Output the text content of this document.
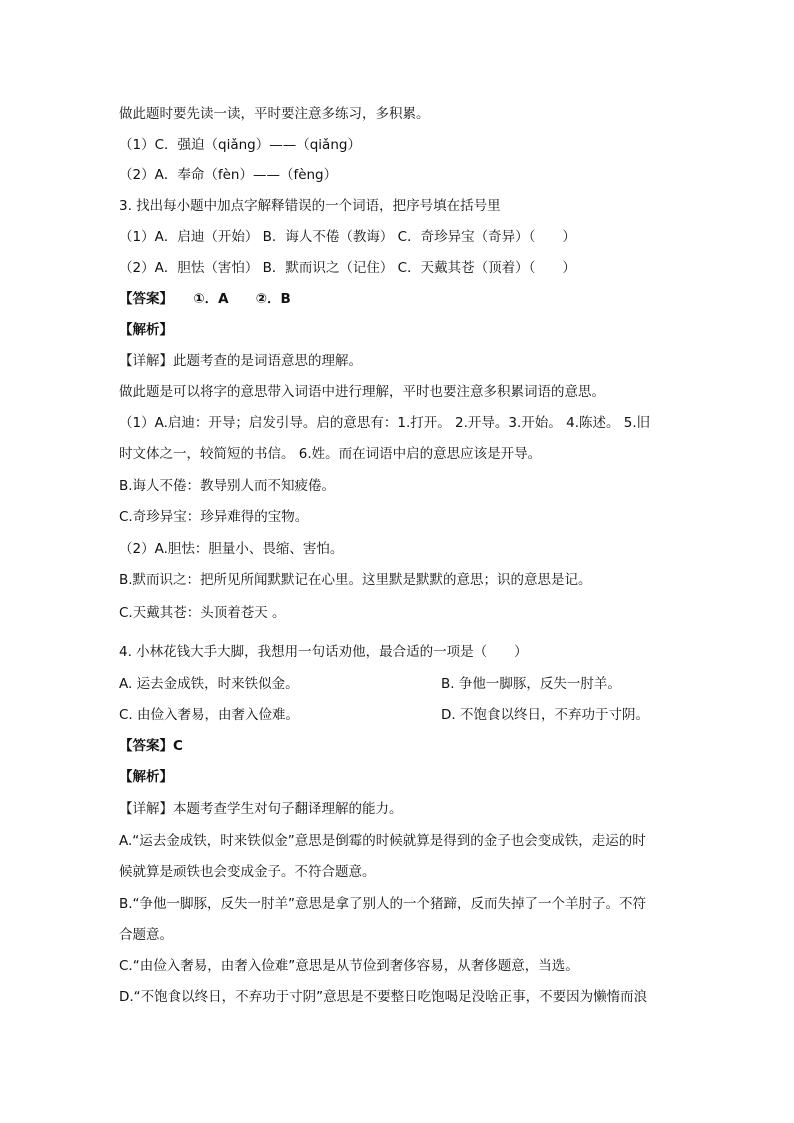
做此题时要先读一读，平时要注意多练习，多积累。

（1）C．强迫（qiǎng）——（qiǎng）

（2）A．奉命（fèn）——（fèng）

3. 找出每小题中加点字解释错误的一个词语，把序号填在括号里

（1）A．启迪（开始） B．诲人不倦（教诲） C．奇珍异宝（奇异）（　　）

（2）A．胆怯（害怕） B．默而识之（记住） C．天戴其苍（顶着）（　　）

【答案】　　①．A　　②．B

【解析】

【详解】此题考查的是词语意思的理解。

做此题是可以将字的意思带入词语中进行理解，平时也要注意多积累词语的意思。

（1）A.启迪：开导；启发引导。启的意思有：1.打开。 2.开导。3.开始。 4.陈述。 5.旧

时文体之一，较简短的书信。 6.姓。而在词语中启的意思应该是开导。

B.诲人不倦：教导别人而不知疲倦。

C.奇珍异宝：珍异难得的宝物。

（2）A.胆怯：胆量小、畏缩、害怕。

B.默而识之：把所见所闻默默记在心里。这里默是默默的意思；识的意思是记。

C.天戴其苍：头顶着苍天 。

4. 小林花钱大手大脚，我想用一句话劝他，最合适的一项是（　　）

A. 运去金成铁，时来铁似金。	B. 争他一脚豚，反失一肘羊。

C. 由俭入奢易，由奢入俭难。	D. 不饱食以终日，不弃功于寸阴。

【答案】C

【解析】

【详解】本题考查学生对句子翻译理解的能力。

A.“运去金成铁，时来铁似金”意思是倒霉的时候就算是得到的金子也会变成铁，走运的时

候就算是顽铁也会变成金子。不符合题意。

B.“争他一脚豚，反失一肘羊”意思是拿了别人的一个猪蹄，反而失掉了一个羊肘子。不符

合题意。

C.“由俭入奢易，由奢入俭难”意思是从节俭到奢侈容易，从奢侈题意，当选。

D.“不饱食以终日，不弃功于寸阴”意思是不要整日吃饱喝足没啥正事，不要因为懒惰而浪
